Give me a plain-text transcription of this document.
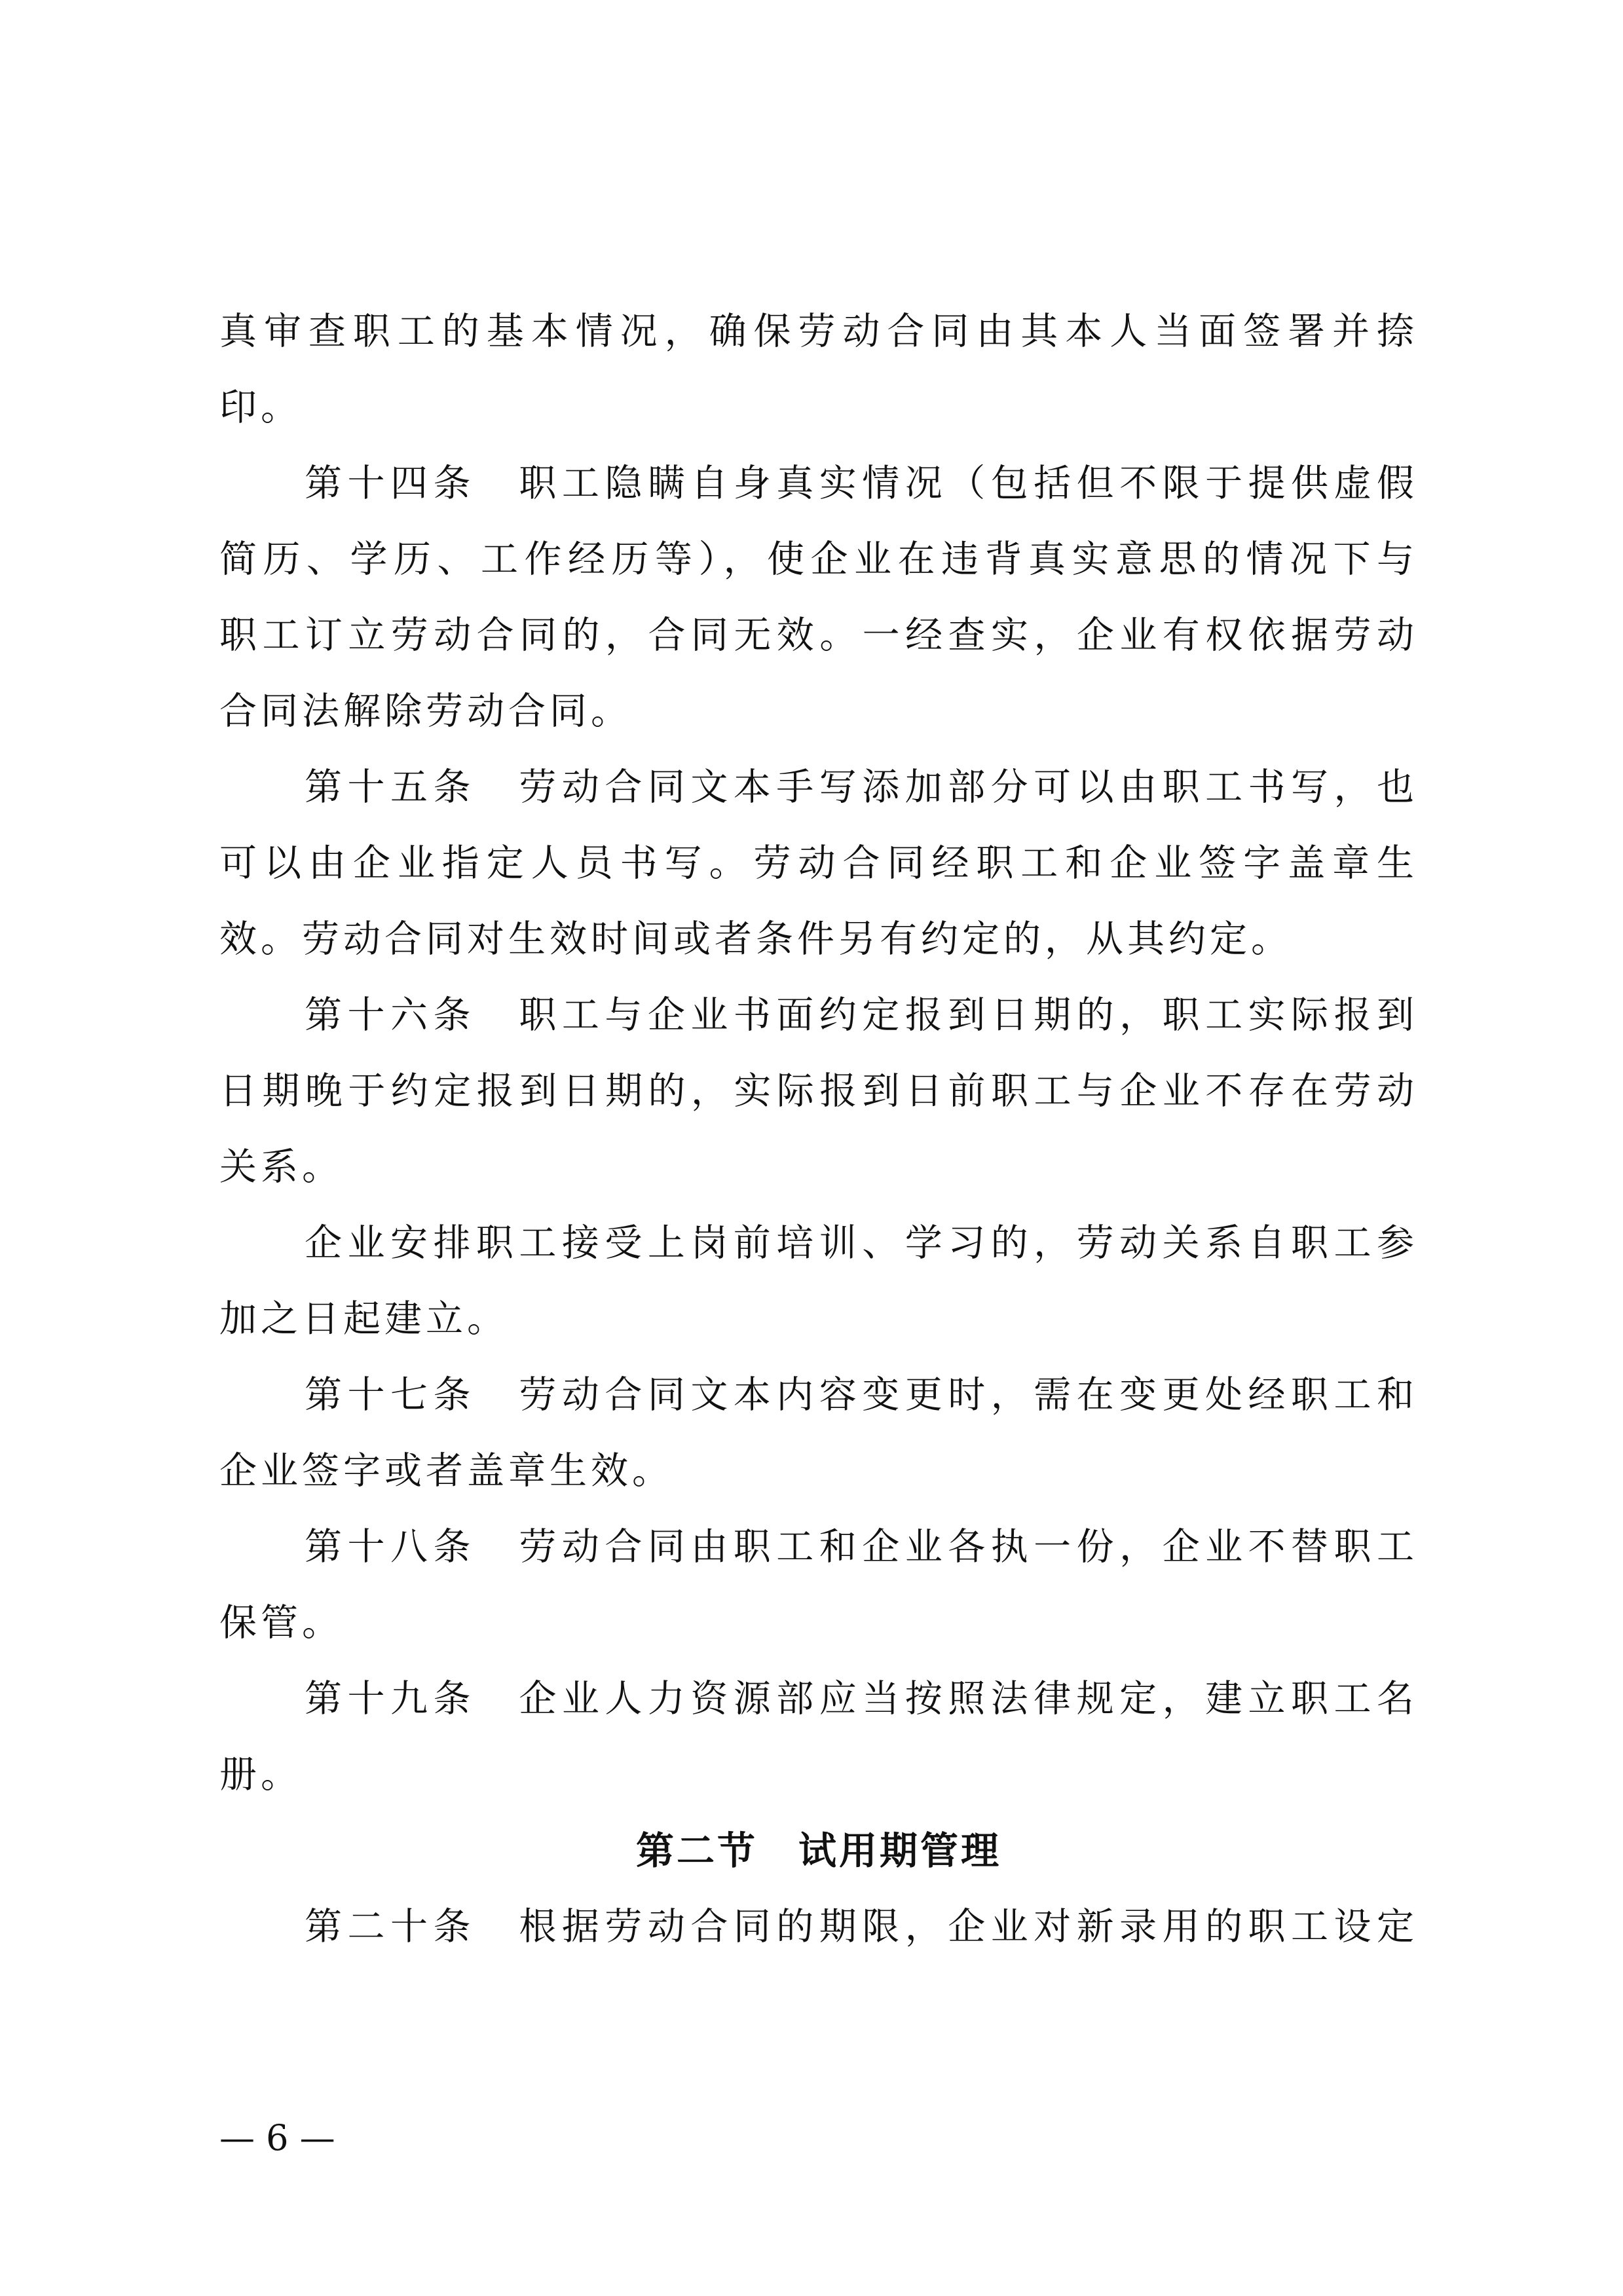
真审查职工的基本情况，确保劳动合同由其本人当面签署并捺
印。
第十四条　职工隐瞒自身真实情况（包括但不限于提供虚假
简历、学历、工作经历等），使企业在违背真实意思的情况下与
职工订立劳动合同的，合同无效。一经查实，企业有权依据劳动
合同法解除劳动合同。
第十五条　劳动合同文本手写添加部分可以由职工书写，也
可以由企业指定人员书写。劳动合同经职工和企业签字盖章生
效。劳动合同对生效时间或者条件另有约定的，从其约定。
第十六条　职工与企业书面约定报到日期的，职工实际报到
日期晚于约定报到日期的，实际报到日前职工与企业不存在劳动
关系。
企业安排职工接受上岗前培训、学习的，劳动关系自职工参
加之日起建立。
第十七条　劳动合同文本内容变更时，需在变更处经职工和
企业签字或者盖章生效。
第十八条　劳动合同由职工和企业各执一份，企业不替职工
保管。
第十九条　企业人力资源部应当按照法律规定，建立职工名
册。
第二节　试用期管理
第二十条　根据劳动合同的期限，企业对新录用的职工设定
— 6 —
